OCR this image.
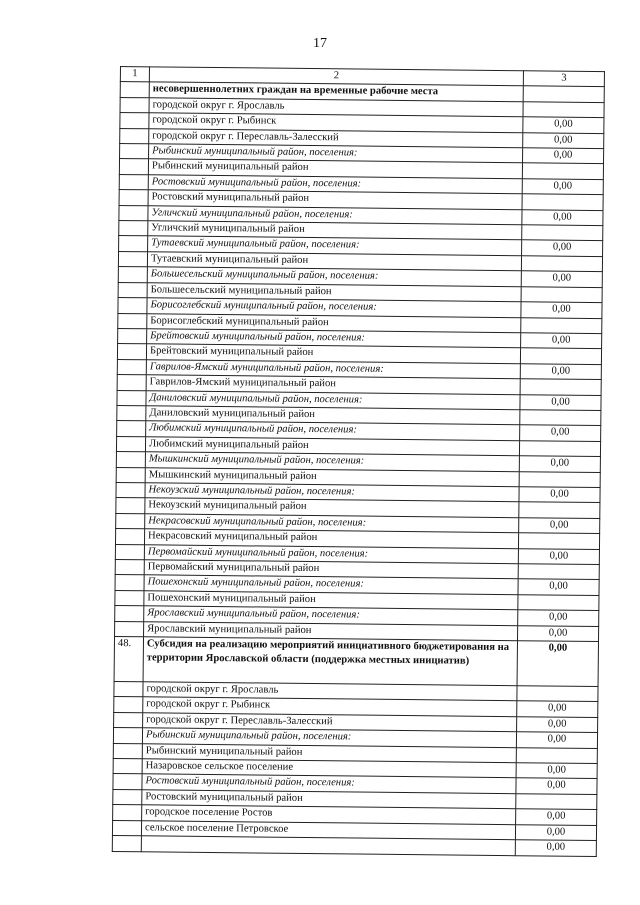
17
1	2	3
	несовершеннолетних граждан на временные рабочие места	
	городской округ г. Ярославль	
	городской округ г. Рыбинск	0,00
	городской округ г. Переславль-Залесский	0,00
	Рыбинский муниципальный район, поселения:	0,00
	Рыбинский муниципальный район	
	Ростовский муниципальный район, поселения:	0,00
	Ростовский муниципальный район	
	Угличский муниципальный район, поселения:	0,00
	Угличский муниципальный район	
	Тутаевский муниципальный район, поселения:	0,00
	Тутаевский муниципальный район	
	Большесельский муниципальный район, поселения:	0,00
	Большесельский муниципальный район	
	Борисоглебский муниципальный район, поселения:	0,00
	Борисоглебский муниципальный район	
	Брейтовский муниципальный район, поселения:	0,00
	Брейтовский муниципальный район	
	Гаврилов-Ямский муниципальный район, поселения:	0,00
	Гаврилов-Ямский муниципальный район	
	Даниловский муниципальный район, поселения:	0,00
	Даниловский муниципальный район	
	Любимский муниципальный район, поселения:	0,00
	Любимский муниципальный район	
	Мышкинский муниципальный район, поселения:	0,00
	Мышкинский муниципальный район	
	Некоузский муниципальный район, поселения:	0,00
	Некоузский муниципальный район	
	Некрасовский муниципальный район, поселения:	0,00
	Некрасовский муниципальный район	
	Первомайский муниципальный район, поселения:	0,00
	Первомайский муниципальный район	
	Пошехонский муниципальный район, поселения:	0,00
	Пошехонский муниципальный район	
	Ярославский муниципальный район, поселения:	0,00
	Ярославский муниципальный район	0,00
48.	Субсидия на реализацию мероприятий инициативного бюджетирования на территории Ярославской области (поддержка местных инициатив)	0,00
	городской округ г. Ярославль	
	городской округ г. Рыбинск	0,00
	городской округ г. Переславль-Залесский	0,00
	Рыбинский муниципальный район, поселения:	0,00
	Рыбинский муниципальный район	
	Назаровское сельское поселение	0,00
	Ростовский муниципальный район, поселения:	0,00
	Ростовский муниципальный район	
	городское поселение Ростов	0,00
	сельское поселение Петровское	0,00
		0,00
